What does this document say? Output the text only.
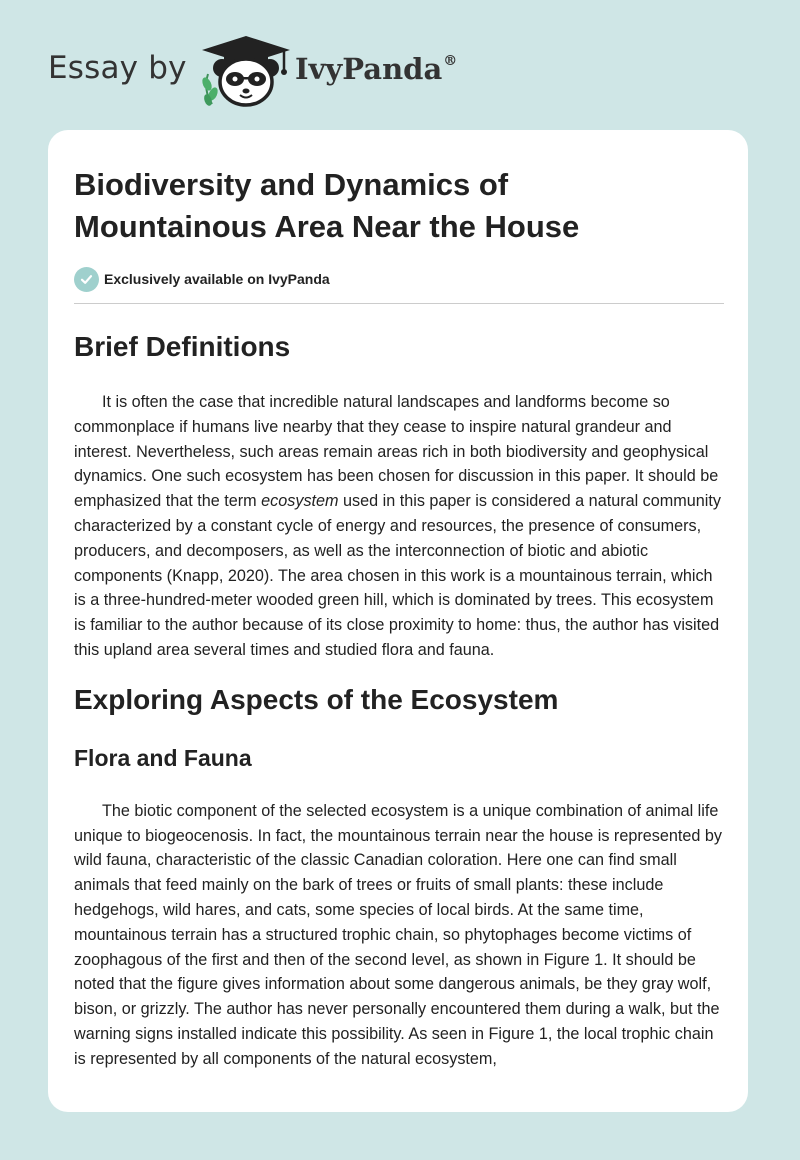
Essay by	IvyPanda®
Biodiversity and Dynamics of
Mountainous Area Near the House
Exclusively available on IvyPanda
Brief Definitions

It is often the case that incredible natural landscapes and landforms become so commonplace if humans live nearby that they cease to inspire natural grandeur and interest. Nevertheless, such areas remain areas rich in both biodiversity and geophysical dynamics. One such ecosystem has been chosen for discussion in this paper. It should be emphasized that the term ecosystem used in this paper is considered a natural community characterized by a constant cycle of energy and resources, the presence of consumers, producers, and decomposers, as well as the interconnection of biotic and abiotic components (Knapp, 2020). The area chosen in this work is a mountainous terrain, which is a three-hundred-meter wooded green hill, which is dominated by trees. This ecosystem is familiar to the author because of its close proximity to home: thus, the author has visited this upland area several times and studied flora and fauna.

Exploring Aspects of the Ecosystem
Flora and Fauna

The biotic component of the selected ecosystem is a unique combination of animal life unique to biogeocenosis. In fact, the mountainous terrain near the house is represented by wild fauna, characteristic of the classic Canadian coloration. Here one can find small animals that feed mainly on the bark of trees or fruits of small plants: these include hedgehogs, wild hares, and cats, some species of local birds. At the same time, mountainous terrain has a structured trophic chain, so phytophages become victims of zoophagous of the first and then of the second level, as shown in Figure 1. It should be noted that the figure gives information about some dangerous animals, be they gray wolf, bison, or grizzly. The author has never personally encountered them during a walk, but the warning signs installed indicate this possibility. As seen in Figure 1, the local trophic chain is represented by all components of the natural ecosystem,
